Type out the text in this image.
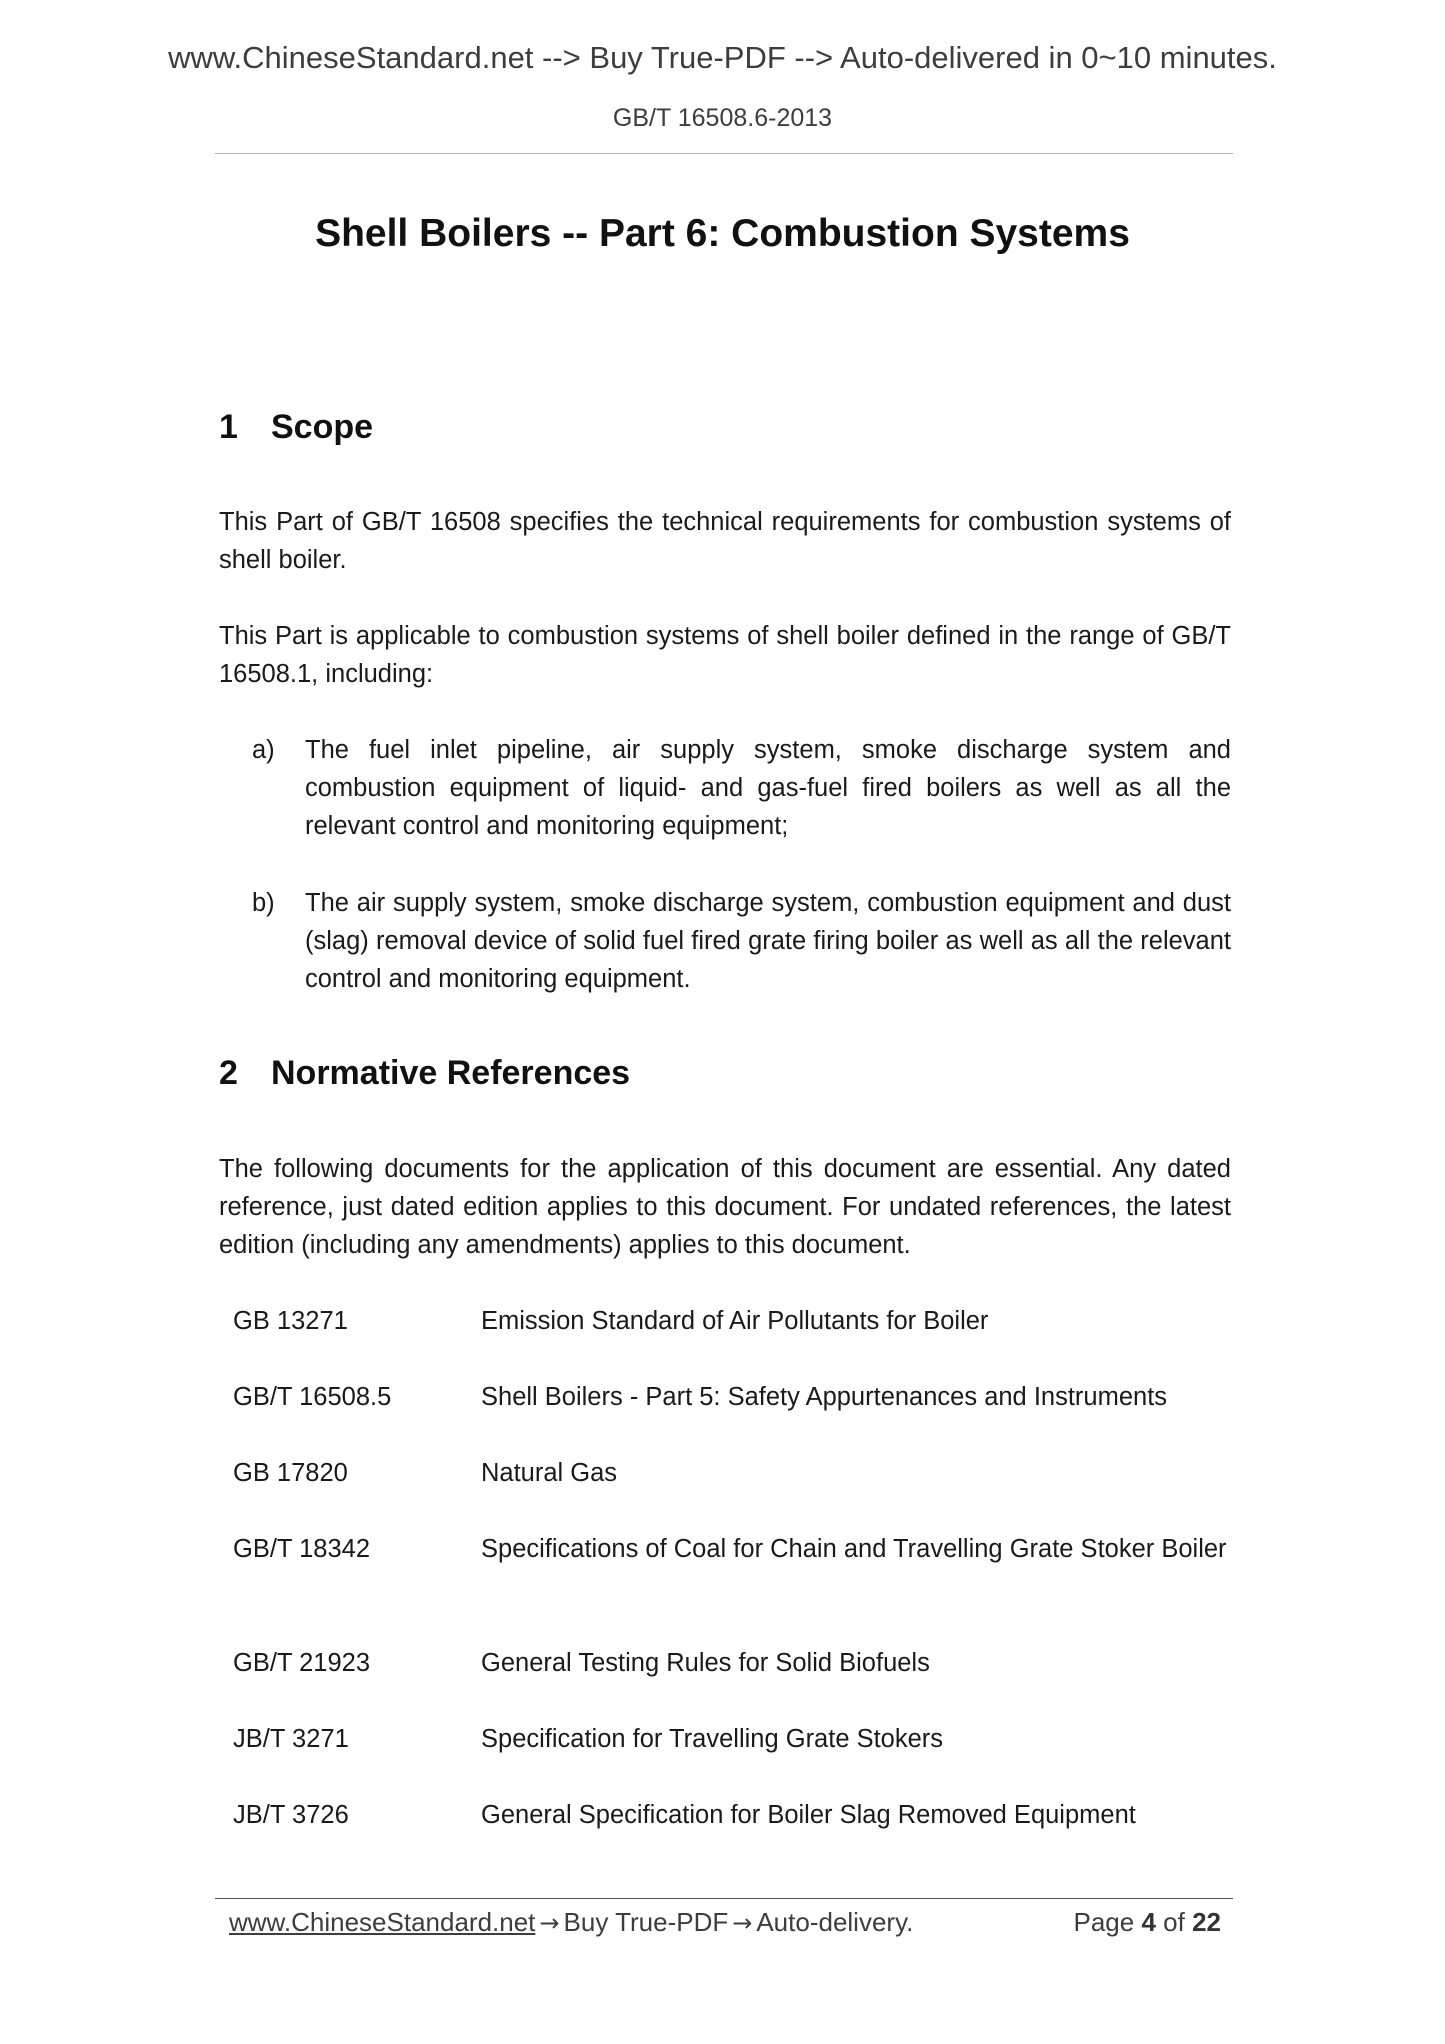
www.ChineseStandard.net --> Buy True-PDF --> Auto-delivered in 0~10 minutes.
GB/T 16508.6-2013
Shell Boilers -- Part 6: Combustion Systems
1 Scope

This Part of GB/T 16508 specifies the technical requirements for combustion systems of shell boiler.

This Part is applicable to combustion systems of shell boiler defined in the range of GB/T 16508.1, including:

a) The fuel inlet pipeline, air supply system, smoke discharge system and combustion equipment of liquid- and gas-fuel fired boilers as well as all the relevant control and monitoring equipment;
b) The air supply system, smoke discharge system, combustion equipment and dust (slag) removal device of solid fuel fired grate firing boiler as well as all the relevant control and monitoring equipment.
2 Normative References

The following documents for the application of this document are essential. Any dated reference, just dated edition applies to this document. For undated references, the latest edition (including any amendments) applies to this document.

GB 13271	Emission Standard of Air Pollutants for Boiler
GB/T 16508.5	Shell Boilers - Part 5: Safety Appurtenances and Instruments
GB 17820	Natural Gas
GB/T 18342	Specifications of Coal for Chain and Travelling Grate Stoker Boiler
GB/T 21923	General Testing Rules for Solid Biofuels
JB/T 3271	Specification for Travelling Grate Stokers
JB/T 3726	General Specification for Boiler Slag Removed Equipment
www.ChineseStandard.net → Buy True-PDF → Auto-delivery.	Page 4 of 22
